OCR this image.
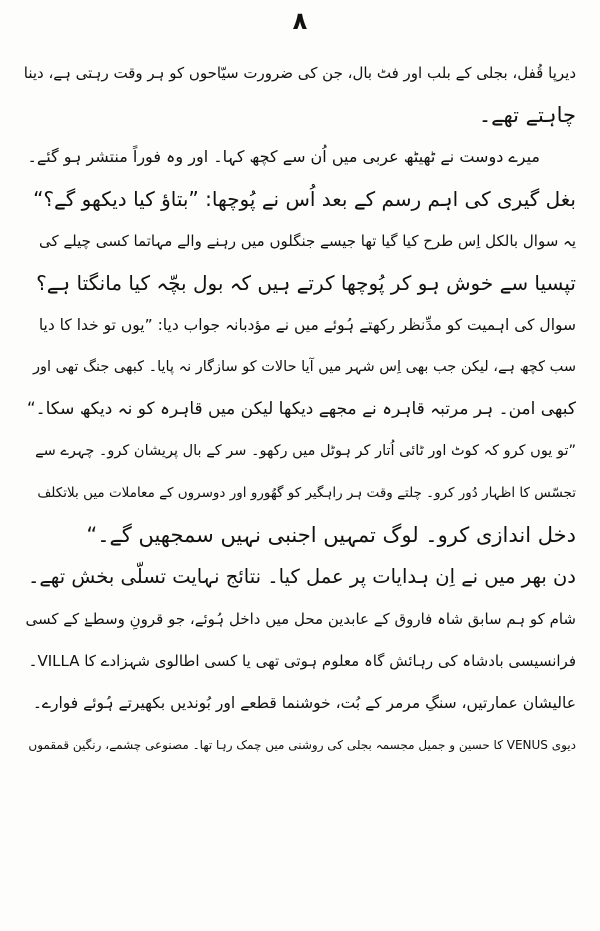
۸
دیرپا قُفل، بجلی کے بلب اور فٹ بال، جن کی ضرورت سیّاحوں کو ہر وقت رہتی ہے، دینا
چاہتے تھے۔
میرے دوست نے ٹھیٹھ عربی میں اُن سے کچھ کہا۔ اور وہ فوراً منتشر ہو گئے۔
بغل گیری کی اہم رسم کے بعد اُس نے پُوچھا: ”بتاؤ کیا دیکھو گے؟“
یہ سوال بالکل اِس طرح کیا گیا تھا جیسے جنگلوں میں رہنے والے مہاتما کسی چیلے کی
تپسیا سے خوش ہو کر پُوچھا کرتے ہیں کہ بول بچّہ کیا مانگتا ہے؟
سوال کی اہمیت کو مدِّنظر رکھتے ہُوئے میں نے مؤدبانہ جواب دیا: ”یوں تو خدا کا دیا
سب کچھ ہے، لیکن جب بھی اِس شہر میں آیا حالات کو سازگار نہ پایا۔ کبھی جنگ تھی اور
کبھی امن۔ ہر مرتبہ قاہرہ نے مجھے دیکھا لیکن میں قاہرہ کو نہ دیکھ سکا۔“
”تو یوں کرو کہ کوٹ اور ٹائی اُتار کر ہوٹل میں رکھو۔ سر کے بال پریشان کرو۔ چہرے سے
تجسّس کا اظہار دُور کرو۔ چلتے وقت ہر راہگیر کو گھُورو اور دوسروں کے معاملات میں بلاتکلف
دخل اندازی کرو۔ لوگ تمہیں اجنبی نہیں سمجھیں گے۔“
دن بھر میں نے اِن ہدایات پر عمل کیا۔ نتائج نہایت تسلّی بخش تھے۔
شام کو ہم سابق شاہ فاروق کے عابدین محل میں داخل ہُوئے، جو قرونِ وسطےٰ کے کسی
فرانسیسی بادشاہ کی رہائش گاہ معلوم ہوتی تھی یا کسی اطالوی شہزادے کا VILLA۔
عالیشان عمارتیں، سنگِ مرمر کے بُت، خوشنما قطعے اور بُوندیں بکھیرتے ہُوئے فوارے۔
دیوی VENUS کا حسین و جمیل مجسمہ بجلی کی روشنی میں چمک رہا تھا۔ مصنوعی چشمے، رنگین قمقموں
